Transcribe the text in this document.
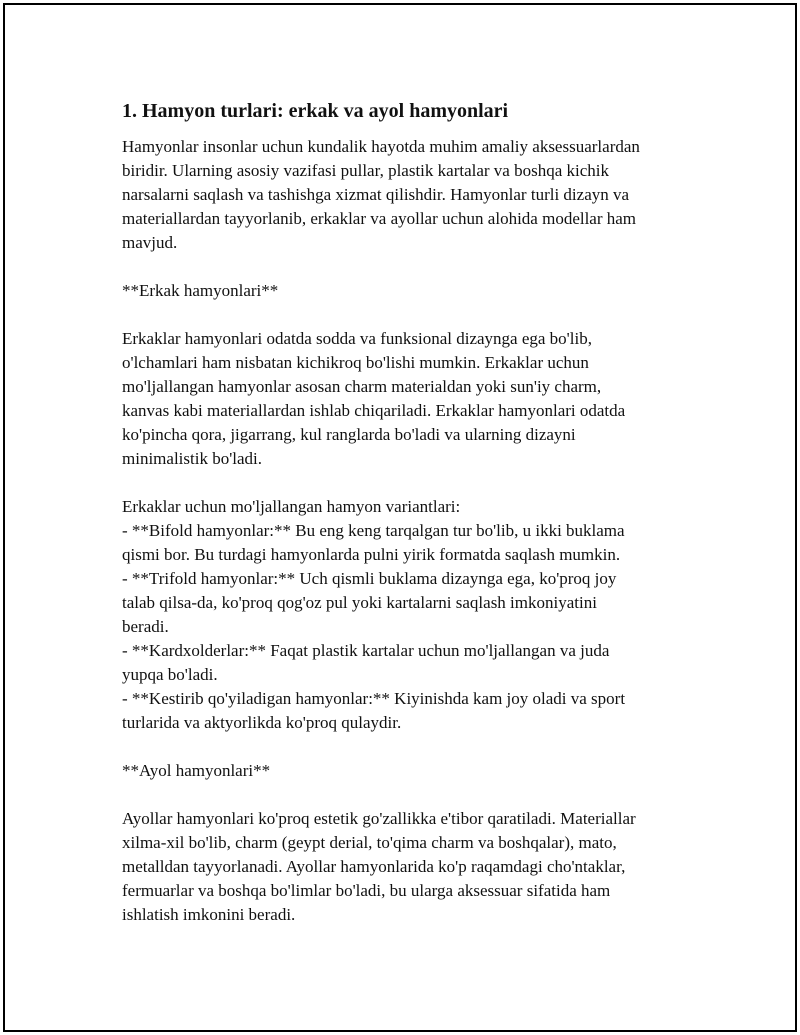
1. Hamyon turlari: erkak va ayol hamyonlari

Hamyonlar insonlar uchun kundalik hayotda muhim amaliy aksessuarlardan
biridir. Ularning asosiy vazifasi pullar, plastik kartalar va boshqa kichik
narsalarni saqlash va tashishga xizmat qilishdir. Hamyonlar turli dizayn va
materiallardan tayyorlanib, erkaklar va ayollar uchun alohida modellar ham
mavjud.

**Erkak hamyonlari**

Erkaklar hamyonlari odatda sodda va funksional dizaynga ega bo'lib,
o'lchamlari ham nisbatan kichikroq bo'lishi mumkin. Erkaklar uchun
mo'ljallangan hamyonlar asosan charm materialdan yoki sun'iy charm,
kanvas kabi materiallardan ishlab chiqariladi. Erkaklar hamyonlari odatda
ko'pincha qora, jigarrang, kul ranglarda bo'ladi va ularning dizayni
minimalistik bo'ladi.

Erkaklar uchun mo'ljallangan hamyon variantlari:
- **Bifold hamyonlar:** Bu eng keng tarqalgan tur bo'lib, u ikki buklama
qismi bor. Bu turdagi hamyonlarda pulni yirik formatda saqlash mumkin.
- **Trifold hamyonlar:** Uch qismli buklama dizaynga ega, ko'proq joy
talab qilsa-da, ko'proq qog'oz pul yoki kartalarni saqlash imkoniyatini
beradi.
- **Kardxolderlar:** Faqat plastik kartalar uchun mo'ljallangan va juda
yupqa bo'ladi.
- **Kestirib qo'yiladigan hamyonlar:** Kiyinishda kam joy oladi va sport
turlarida va aktyorlikda ko'proq qulaydir.

**Ayol hamyonlari**

Ayollar hamyonlari ko'proq estetik go'zallikka e'tibor qaratiladi. Materiallar
xilma-xil bo'lib, charm (geypt derial, to'qima charm va boshqalar), mato,
metalldan tayyorlanadi. Ayollar hamyonlarida ko'p raqamdagi cho'ntaklar,
fermuarlar va boshqa bo'limlar bo'ladi, bu ularga aksessuar sifatida ham
ishlatish imkonini beradi.
